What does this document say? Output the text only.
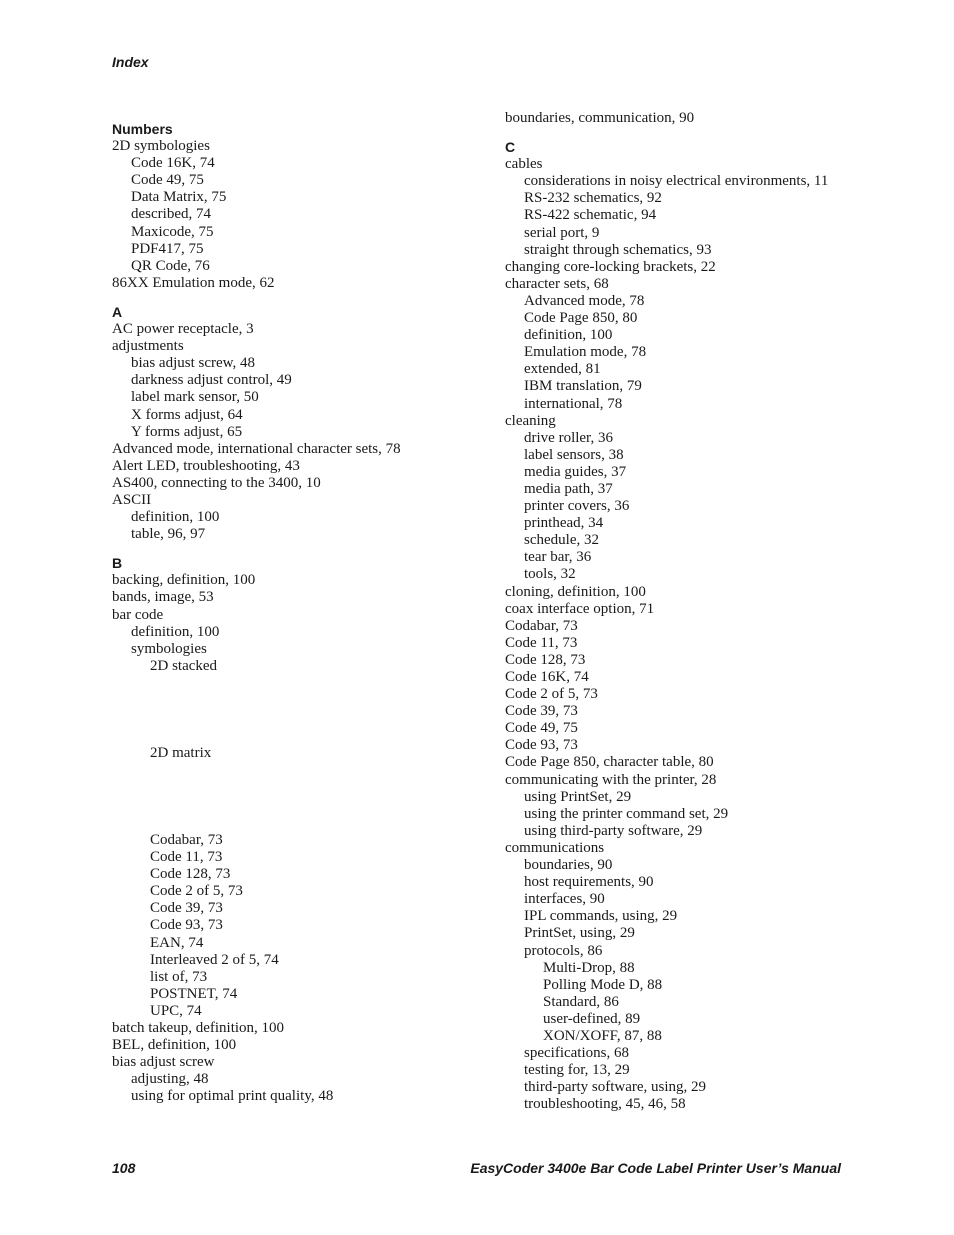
Index
Numbers
2D symbologies
Code 16K, 74
Code 49, 75
Data Matrix, 75
described, 74
Maxicode, 75
PDF417, 75
QR Code, 76
86XX Emulation mode, 62
A
AC power receptacle, 3
adjustments
bias adjust screw, 48
darkness adjust control, 49
label mark sensor, 50
X forms adjust, 64
Y forms adjust, 65
Advanced mode, international character sets, 78
Alert LED, troubleshooting, 43
AS400, connecting to the 3400, 10
ASCII
definition, 100
table, 96, 97
B
backing, definition, 100
bands, image, 53
bar code
definition, 100
symbologies
2D stacked
2D matrix
Codabar, 73
Code 11, 73
Code 128, 73
Code 2 of 5, 73
Code 39, 73
Code 93, 73
EAN, 74
Interleaved 2 of 5, 74
list of, 73
POSTNET, 74
UPC, 74
batch takeup, definition, 100
BEL, definition, 100
bias adjust screw
adjusting, 48
using for optimal print quality, 48
boundaries, communication, 90
C
cables
considerations in noisy electrical environments, 11
RS-232 schematics, 92
RS-422 schematic, 94
serial port, 9
straight through schematics, 93
changing core-locking brackets, 22
character sets, 68
Advanced mode, 78
Code Page 850, 80
definition, 100
Emulation mode, 78
extended, 81
IBM translation, 79
international, 78
cleaning
drive roller, 36
label sensors, 38
media guides, 37
media path, 37
printer covers, 36
printhead, 34
schedule, 32
tear bar, 36
tools, 32
cloning, definition, 100
coax interface option, 71
Codabar, 73
Code 11, 73
Code 128, 73
Code 16K, 74
Code 2 of 5, 73
Code 39, 73
Code 49, 75
Code 93, 73
Code Page 850, character table, 80
communicating with the printer, 28
using PrintSet, 29
using the printer command set, 29
using third-party software, 29
communications
boundaries, 90
host requirements, 90
interfaces, 90
IPL commands, using, 29
PrintSet, using, 29
protocols, 86
Multi-Drop, 88
Polling Mode D, 88
Standard, 86
user-defined, 89
XON/XOFF, 87, 88
specifications, 68
testing for, 13, 29
third-party software, using, 29
troubleshooting, 45, 46, 58
108	EasyCoder 3400e Bar Code Label Printer User’s Manual
